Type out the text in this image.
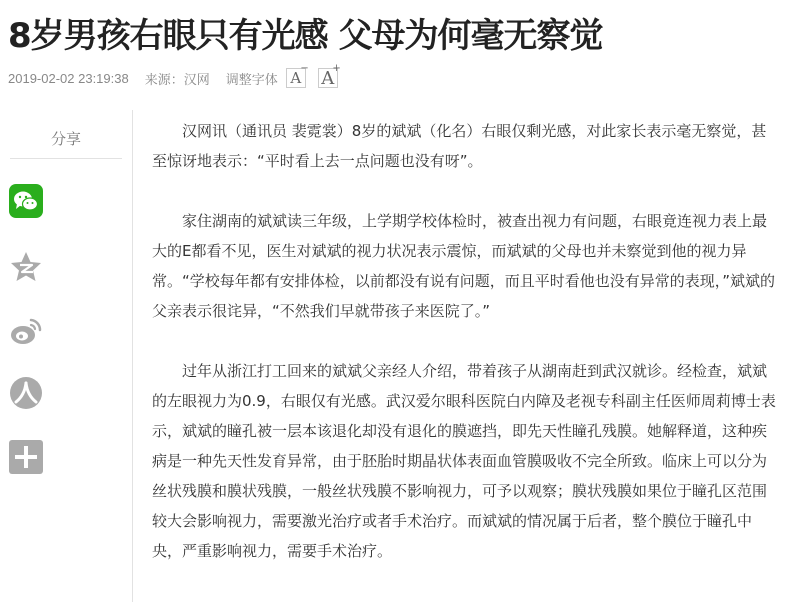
8岁男孩右眼只有光感 父母为何毫无察觉
2019-02-02 23:19:38 来源：汉网 调整字体 A
− A
+
分享	汉网讯（通讯员 裴霓裳）8岁的斌斌（化名）右眼仅剩光感，对此家长表示毫无察觉，甚至惊讶地表示：“平时看上去一点问题也没有呀”。

家住湖南的斌斌读三年级，上学期学校体检时，被查出视力有问题，右眼竟连视力表上最大的E都看不见，医生对斌斌的视力状况表示震惊，而斌斌的父母也并未察觉到他的视力异常。“学校每年都有安排体检，以前都没有说有问题，而且平时看他也没有异常的表现，”斌斌的父亲表示很诧异，“不然我们早就带孩子来医院了。”

过年从浙江打工回来的斌斌父亲经人介绍，带着孩子从湖南赶到武汉就诊。经检查，斌斌的左眼视力为0.9，右眼仅有光感。武汉爱尔眼科医院白内障及老视专科副主任医师周莉博士表示，斌斌的瞳孔被一层本该退化却没有退化的膜遮挡，即先天性瞳孔残膜。她解释道，这种疾病是一种先天性发育异常，由于胚胎时期晶状体表面血管膜吸收不完全所致。临床上可以分为丝状残膜和膜状残膜，一般丝状残膜不影响视力，可予以观察；膜状残膜如果位于瞳孔区范围较大会影响视力，需要激光治疗或者手术治疗。而斌斌的情况属于后者，整个膜位于瞳孔中央，严重影响视力，需要手术治疗。
